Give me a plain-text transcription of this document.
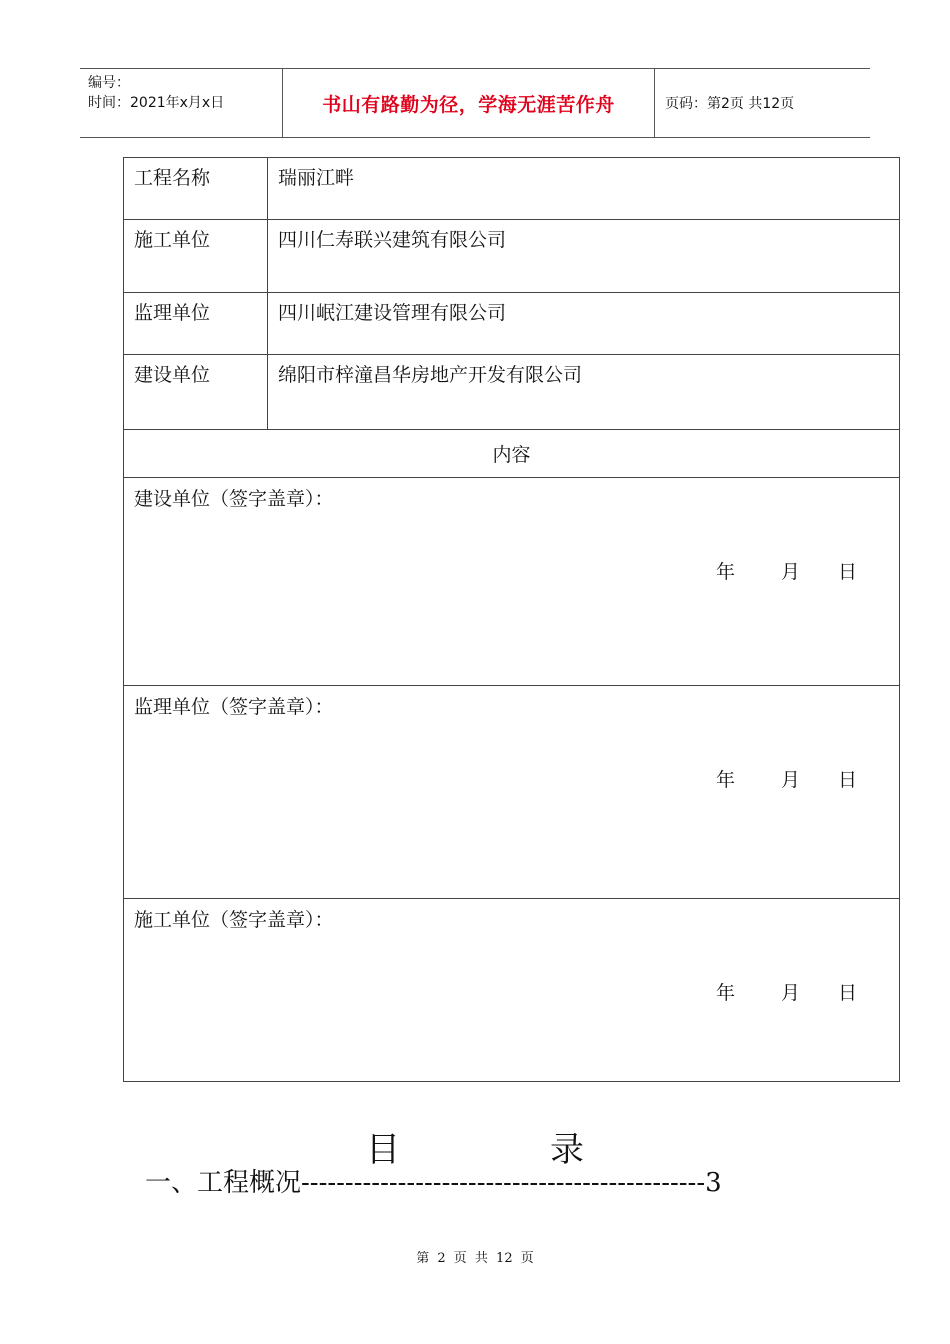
编号：
时间：2021年x月x日	书山有路勤为径，学海无涯苦作舟	页码：第2页 共12页
工程名称	瑞丽江畔
施工单位	四川仁寿联兴建筑有限公司
监理单位	四川岷江建设管理有限公司
建设单位	绵阳市梓潼昌华房地产开发有限公司
内容	

建设单位（签字盖章）：
年 月 日	

监理单位（签字盖章）：
年 月 日	

施工单位（签字盖章）：
年 月 日	
目	录
一、工程概况----------------------------------------------3
第 2 页 共 12 页
